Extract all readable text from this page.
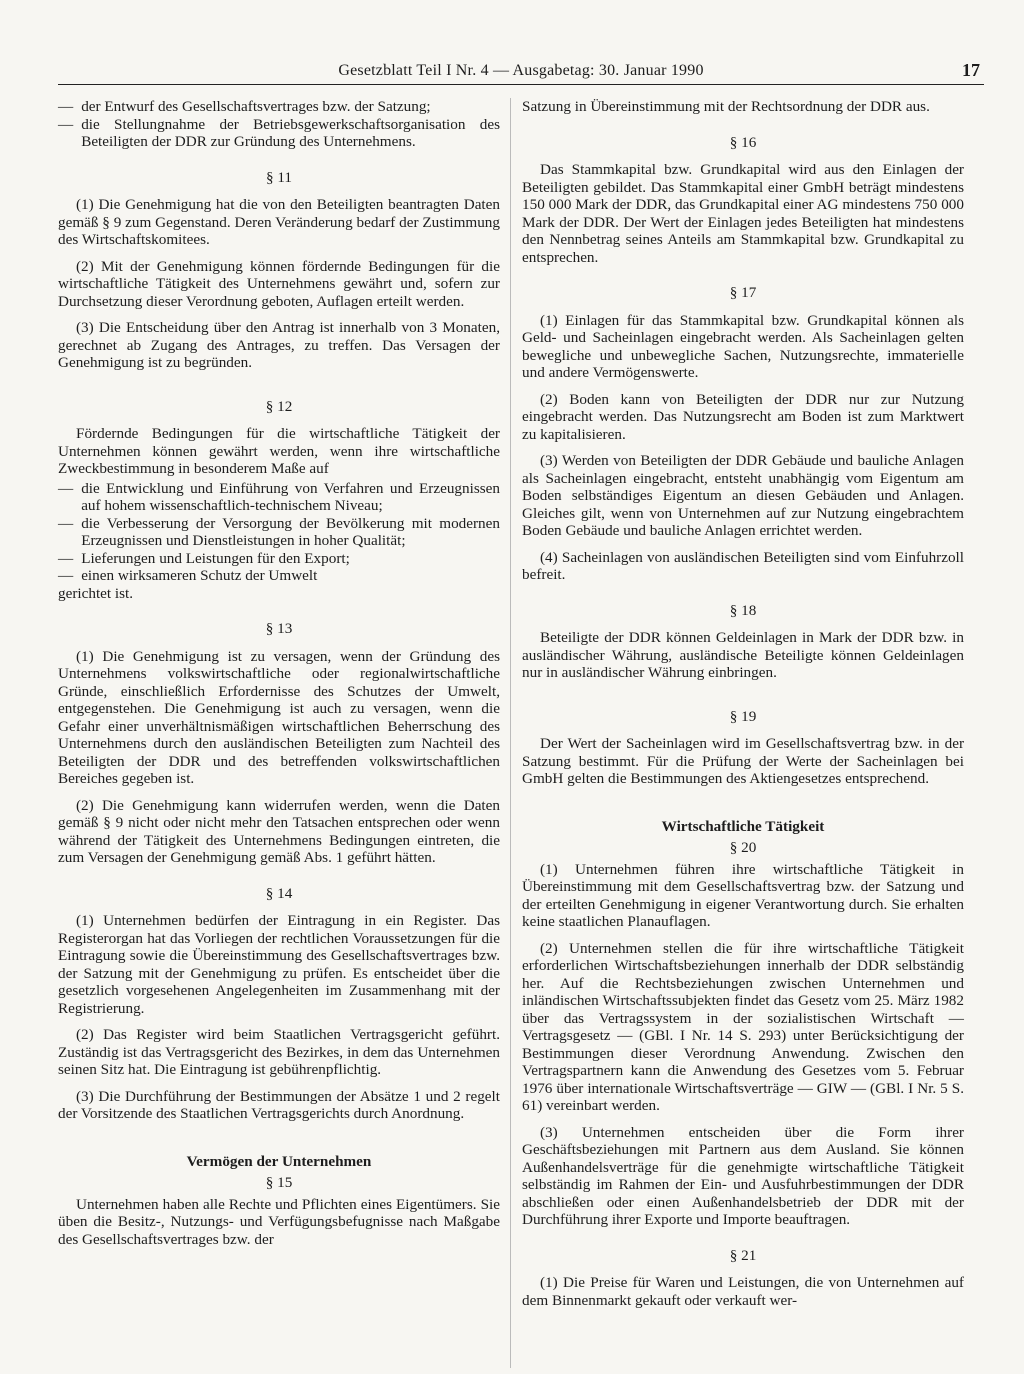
Gesetzblatt Teil I Nr. 4 — Ausgabetag: 30. Januar 1990	17
— der Entwurf des Gesellschaftsvertrages bzw. der Satzung;
— die Stellungnahme der Betriebsgewerkschaftsorganisation des Beteiligten der DDR zur Gründung des Unternehmens.
§ 11

(1) Die Genehmigung hat die von den Beteiligten beantragten Daten gemäß § 9 zum Gegenstand. Deren Veränderung bedarf der Zustimmung des Wirtschaftskomitees.

(2) Mit der Genehmigung können fördernde Bedingungen für die wirtschaftliche Tätigkeit des Unternehmens gewährt und, sofern zur Durchsetzung dieser Verordnung geboten, Auflagen erteilt werden.

(3) Die Entscheidung über den Antrag ist innerhalb von 3 Monaten, gerechnet ab Zugang des Antrages, zu treffen. Das Versagen der Genehmigung ist zu begründen.

§ 12

Fördernde Bedingungen für die wirtschaftliche Tätigkeit der Unternehmen können gewährt werden, wenn ihre wirtschaftliche Zweckbestimmung in besonderem Maße auf

— die Entwicklung und Einführung von Verfahren und Erzeugnissen auf hohem wissenschaftlich-technischem Niveau;
— die Verbesserung der Versorgung der Bevölkerung mit modernen Erzeugnissen und Dienstleistungen in hoher Qualität;
— Lieferungen und Leistungen für den Export;
— einen wirksameren Schutz der Umwelt

gerichtet ist.

§ 13

(1) Die Genehmigung ist zu versagen, wenn der Gründung des Unternehmens volkswirtschaftliche oder regionalwirtschaftliche Gründe, einschließlich Erfordernisse des Schutzes der Umwelt, entgegenstehen. Die Genehmigung ist auch zu versagen, wenn die Gefahr einer unverhältnismäßigen wirtschaftlichen Beherrschung des Unternehmens durch den ausländischen Beteiligten zum Nachteil des Beteiligten der DDR und des betreffenden volkswirtschaftlichen Bereiches gegeben ist.

(2) Die Genehmigung kann widerrufen werden, wenn die Daten gemäß § 9 nicht oder nicht mehr den Tatsachen entsprechen oder wenn während der Tätigkeit des Unternehmens Bedingungen eintreten, die zum Versagen der Genehmigung gemäß Abs. 1 geführt hätten.

§ 14

(1) Unternehmen bedürfen der Eintragung in ein Register. Das Registerorgan hat das Vorliegen der rechtlichen Voraussetzungen für die Eintragung sowie die Übereinstimmung des Gesellschaftsvertrages bzw. der Satzung mit der Genehmigung zu prüfen. Es entscheidet über die gesetzlich vorgesehenen Angelegenheiten im Zusammenhang mit der Registrierung.

(2) Das Register wird beim Staatlichen Vertragsgericht geführt. Zuständig ist das Vertragsgericht des Bezirkes, in dem das Unternehmen seinen Sitz hat. Die Eintragung ist gebührenpflichtig.

(3) Die Durchführung der Bestimmungen der Absätze 1 und 2 regelt der Vorsitzende des Staatlichen Vertragsgerichts durch Anordnung.

Vermögen der Unternehmen
§ 15

Unternehmen haben alle Rechte und Pflichten eines Eigentümers. Sie üben die Besitz-, Nutzungs- und Verfügungsbefugnisse nach Maßgabe des Gesellschaftsvertrages bzw. der

Satzung in Übereinstimmung mit der Rechtsordnung der DDR aus.

§ 16

Das Stammkapital bzw. Grundkapital wird aus den Einlagen der Beteiligten gebildet. Das Stammkapital einer GmbH beträgt mindestens 150 000 Mark der DDR, das Grundkapital einer AG mindestens 750 000 Mark der DDR. Der Wert der Einlagen jedes Beteiligten hat mindestens den Nennbetrag seines Anteils am Stammkapital bzw. Grundkapital zu entsprechen.

§ 17

(1) Einlagen für das Stammkapital bzw. Grundkapital können als Geld- und Sacheinlagen eingebracht werden. Als Sacheinlagen gelten bewegliche und unbewegliche Sachen, Nutzungsrechte, immaterielle und andere Vermögenswerte.

(2) Boden kann von Beteiligten der DDR nur zur Nutzung eingebracht werden. Das Nutzungsrecht am Boden ist zum Marktwert zu kapitalisieren.

(3) Werden von Beteiligten der DDR Gebäude und bauliche Anlagen als Sacheinlagen eingebracht, entsteht unabhängig vom Eigentum am Boden selbständiges Eigentum an diesen Gebäuden und Anlagen. Gleiches gilt, wenn von Unternehmen auf zur Nutzung eingebrachtem Boden Gebäude und bauliche Anlagen errichtet werden.

(4) Sacheinlagen von ausländischen Beteiligten sind vom Einfuhrzoll befreit.

§ 18

Beteiligte der DDR können Geldeinlagen in Mark der DDR bzw. in ausländischer Währung, ausländische Beteiligte können Geldeinlagen nur in ausländischer Währung einbringen.

§ 19

Der Wert der Sacheinlagen wird im Gesellschaftsvertrag bzw. in der Satzung bestimmt. Für die Prüfung der Werte der Sacheinlagen bei GmbH gelten die Bestimmungen des Aktiengesetzes entsprechend.

Wirtschaftliche Tätigkeit
§ 20

(1) Unternehmen führen ihre wirtschaftliche Tätigkeit in Übereinstimmung mit dem Gesellschaftsvertrag bzw. der Satzung und der erteilten Genehmigung in eigener Verantwortung durch. Sie erhalten keine staatlichen Planauflagen.

(2) Unternehmen stellen die für ihre wirtschaftliche Tätigkeit erforderlichen Wirtschaftsbeziehungen innerhalb der DDR selbständig her. Auf die Rechtsbeziehungen zwischen Unternehmen und inländischen Wirtschaftssubjekten findet das Gesetz vom 25. März 1982 über das Vertragssystem in der sozialistischen Wirtschaft — Vertragsgesetz — (GBl. I Nr. 14 S. 293) unter Berücksichtigung der Bestimmungen dieser Verordnung Anwendung. Zwischen den Vertragspartnern kann die Anwendung des Gesetzes vom 5. Februar 1976 über internationale Wirtschaftsverträge — GIW — (GBl. I Nr. 5 S. 61) vereinbart werden.

(3) Unternehmen entscheiden über die Form ihrer Geschäftsbeziehungen mit Partnern aus dem Ausland. Sie können Außenhandelsverträge für die genehmigte wirtschaftliche Tätigkeit selbständig im Rahmen der Ein- und Ausfuhrbestimmungen der DDR abschließen oder einen Außenhandelsbetrieb der DDR mit der Durchführung ihrer Exporte und Importe beauftragen.

§ 21

(1) Die Preise für Waren und Leistungen, die von Unternehmen auf dem Binnenmarkt gekauft oder verkauft wer-
